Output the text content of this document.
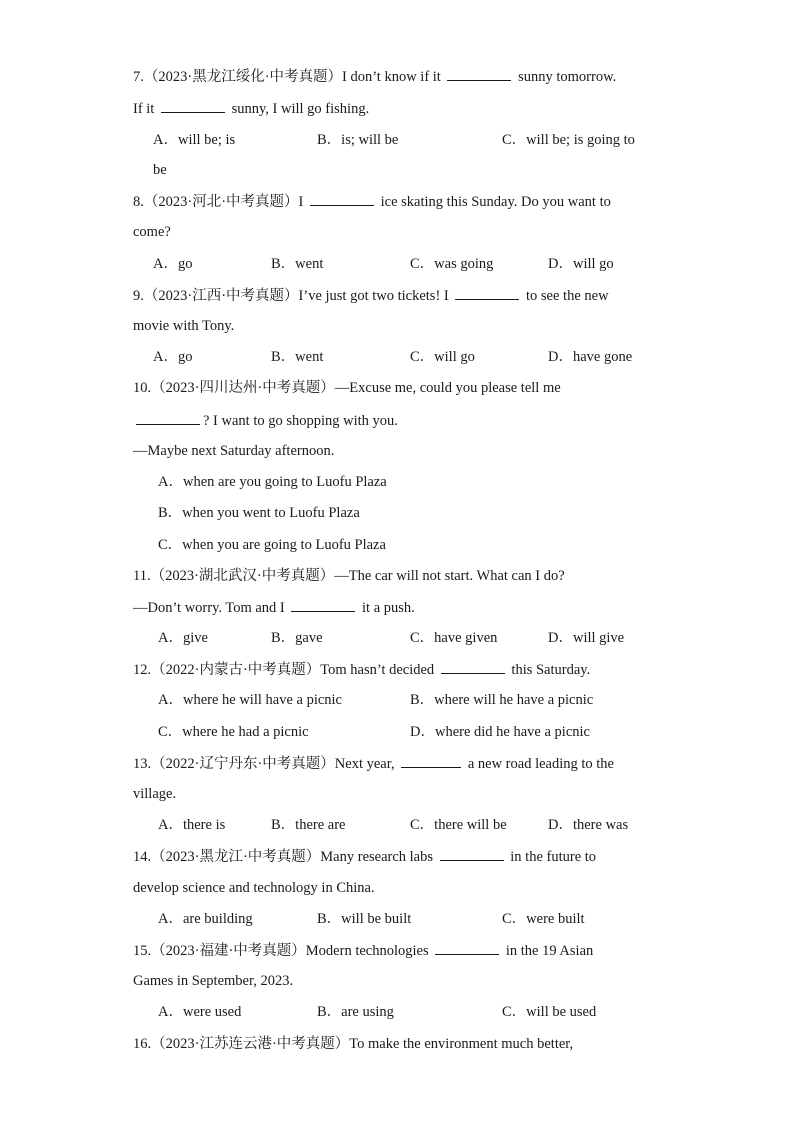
7.（2023·黑龙江绥化·中考真题）I don’t know if it	sunny tomorrow.
If it	sunny, I will go fishing.
A．will be; is	B．is; will be	C．will be; is going to
be
8.（2023·河北·中考真题）I	ice skating this Sunday. Do you want to
come?
A．go	B．went	C．was going	D．will go
9.（2023·江西·中考真题）I’ve just got two tickets! I	to see the new
movie with Tony.
A．go	B．went	C．will go	D．have gone
10.（2023·四川达州·中考真题）—Excuse me, could you please tell me
? I want to go shopping with you.
—Maybe next Saturday afternoon.
A．when are you going to Luofu Plaza
B．when you went to Luofu Plaza
C．when you are going to Luofu Plaza
11.（2023·湖北武汉·中考真题）—The car will not start. What can I do?
—Don’t worry. Tom and I	it a push.
A．give	B．gave	C．have given	D．will give
12.（2022·内蒙古·中考真题）Tom hasn’t decided	this Saturday.
A．where he will have a picnic	B．where will he have a picnic
C．where he had a picnic	D．where did he have a picnic
13.（2022·辽宁丹东·中考真题）Next year,	a new road leading to the
village.
A．there is	B．there are	C．there will be	D．there was
14.（2023·黑龙江·中考真题）Many research labs	in the future to
develop science and technology in China.
A．are building	B．will be built	C．were built
15.（2023·福建·中考真题）Modern technologies	in the 19 Asian
Games in September, 2023.
A．were used	B．are using	C．will be used
16.（2023·江苏连云港·中考真题）To make the environment much better,
